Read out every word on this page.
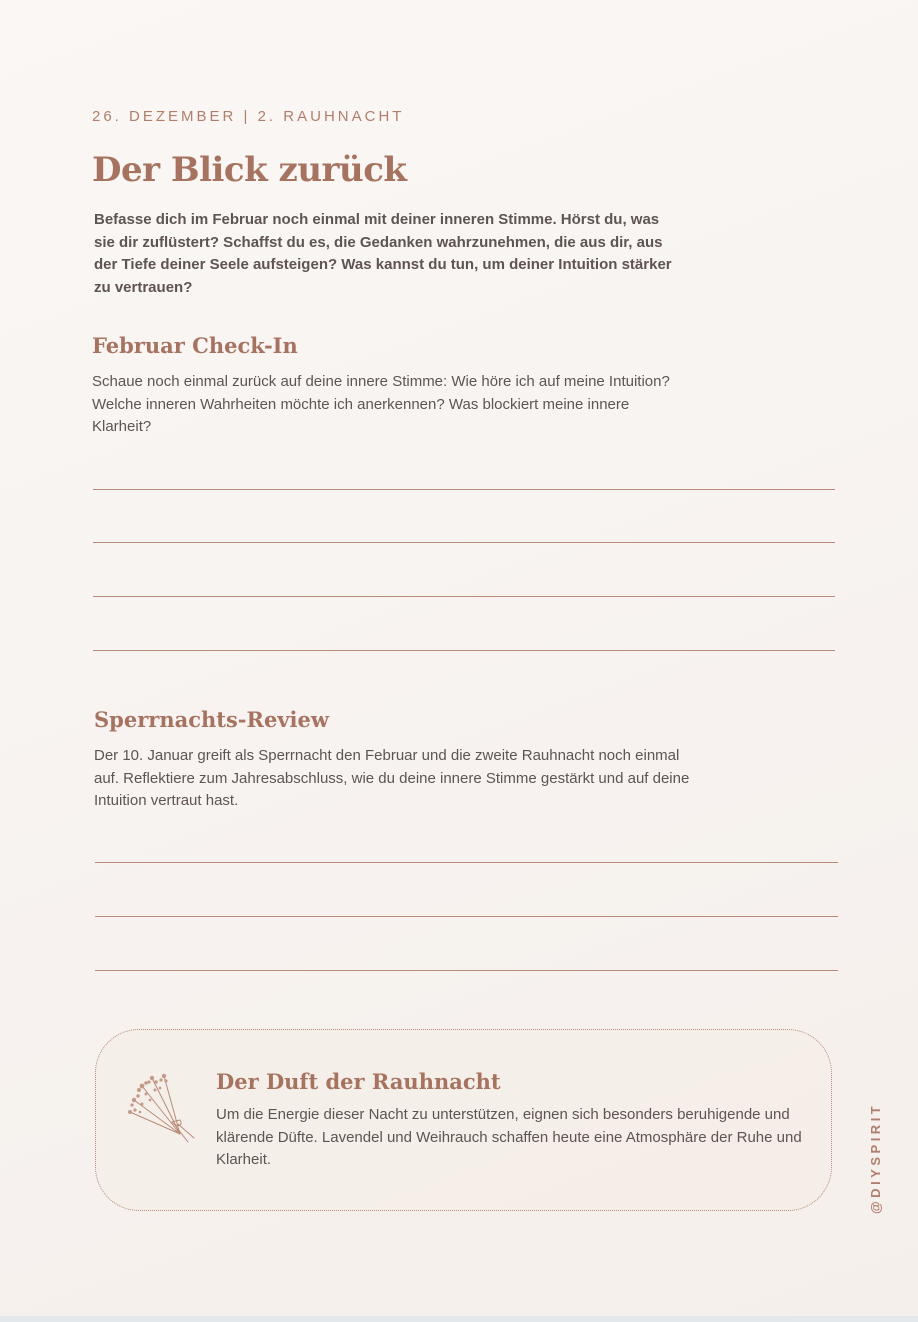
26. DEZEMBER | 2. RAUHNACHT
Der Blick zurück

Befasse dich im Februar noch einmal mit deiner inneren Stimme. Hörst du, was sie dir zuflüstert? Schaffst du es, die Gedanken wahrzunehmen, die aus dir, aus der Tiefe deiner Seele aufsteigen? Was kannst du tun, um deiner Intuition stärker zu vertrauen?

Februar Check-In

Schaue noch einmal zurück auf deine innere Stimme: Wie höre ich auf meine Intuition? Welche inneren Wahrheiten möchte ich anerkennen? Was blockiert meine innere Klarheit?

Sperrnachts-Review

Der 10. Januar greift als Sperrnacht den Februar und die zweite Rauhnacht noch einmal auf. Reflektiere zum Jahresabschluss, wie du deine innere Stimme gestärkt und auf deine Intuition vertraut hast.

Der Duft der Rauhnacht

Um die Energie dieser Nacht zu unterstützen, eignen sich besonders beruhigende und klärende Düfte. Lavendel und Weihrauch schaffen heute eine Atmosphäre der Ruhe und Klarheit.	@DIYSPIRIT
